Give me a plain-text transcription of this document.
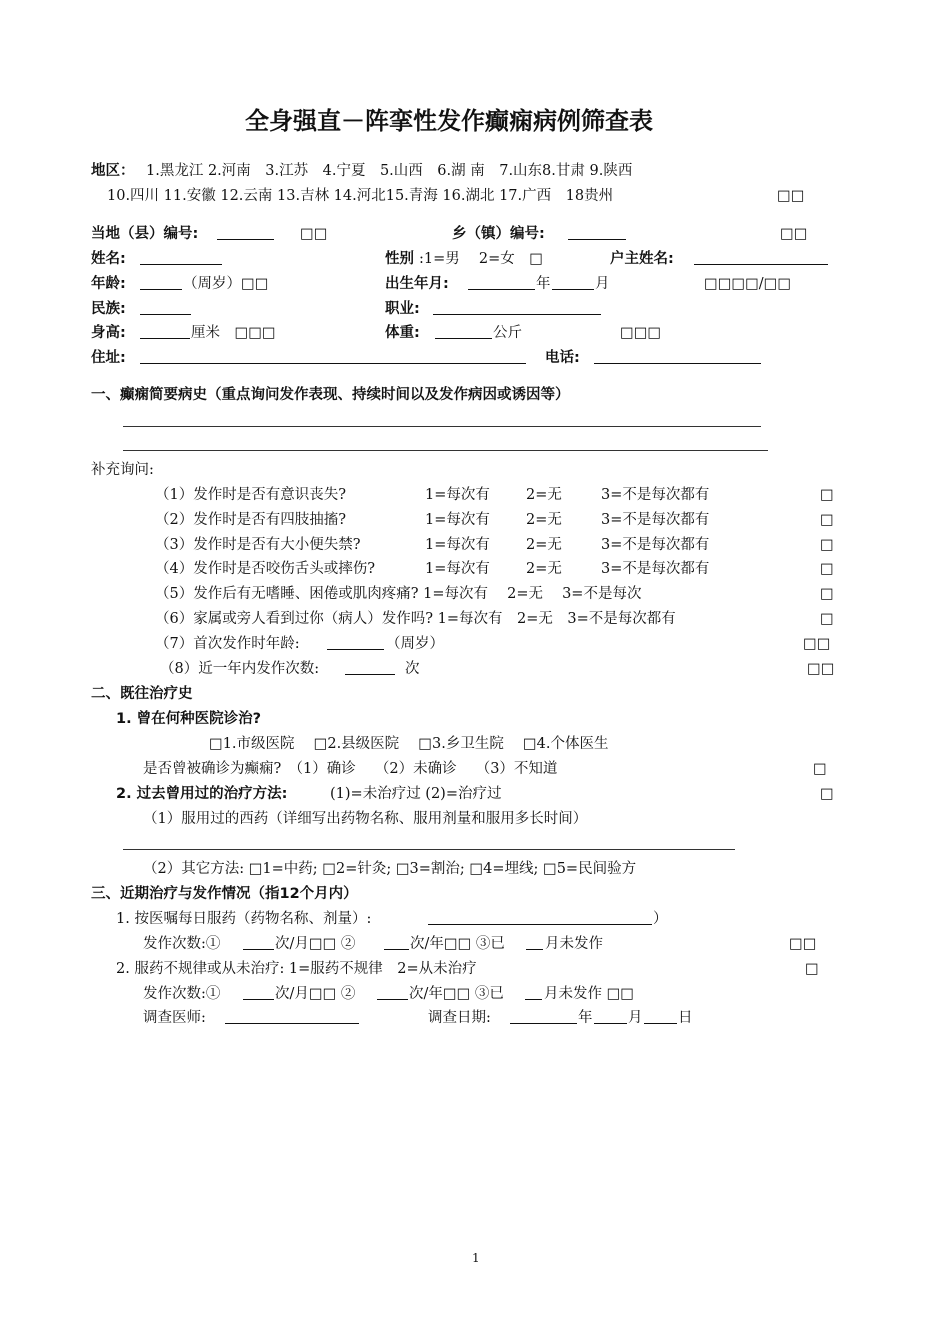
全身强直－阵挛性发作癫痫病例筛查表
地区： 1.黑龙江 2.河南　3.江苏　4.宁夏　5.山西　6.湖 南　7.山东8.甘肃 9.陕西
10.四川 11.安徽 12.云南 13.吉林 14.河北15.青海 16.湖北 17.广西　18贵州	□□
当地（县）编号:	□□	乡（镇）编号:	□□
姓名:	性别 :1=男　 2=女　□	户主姓名:
年龄:	（周岁）□□	出生年月:	年	月	□□□□/□□
民族:	职业:
身高:	厘米　□□□	体重:	公斤	□□□
住址:	电话:
一、癫痫简要病史（重点询问发作表现、持续时间以及发作病因或诱因等）
补充询问:
（1）发作时是否有意识丧失?	1=每次有 2=无	3=不是每次都有	□
（2）发作时是否有四肢抽搐?	1=每次有 2=无	3=不是每次都有	□
（3）发作时是否有大小便失禁?	1=每次有 2=无	3=不是每次都有	□
（4）发作时是否咬伤舌头或摔伤?	1=每次有 2=无	3=不是每次都有	□
（5）发作后有无嗜睡、困倦或肌肉疼痛? 1=每次有　 2=无　 3=不是每次	□
（6）家属或旁人看到过你（病人）发作吗? 1=每次有　2=无　3=不是每次都有	□
（7）首次发作时年龄:	（周岁）	□□
（8）近一年内发作次数:	次	□□
二、既往治疗史
1. 曾在何种医院诊治?
□1.市级医院　 □2.县级医院　 □3.乡卫生院　 □4.个体医生
是否曾被确诊为癫痫?　（1）确诊　 （2）未确诊　 （3）不知道	□
2. 过去曾用过的治疗方法:	(1)=未治疗过 (2)=治疗过	□
（1）服用过的西药（详细写出药物名称、服用剂量和服用多长时间）
（2）其它方法: □1=中药; □2=针灸; □3=割治; □4=埋线; □5=民间验方
三、近期治疗与发作情况（指12个月内）
1. 按医嘱每日服药（药物名称、剂量）:	）
发作次数:①	次/月□□ ②	次/年□□ ③已	月未发作	□□
2. 服药不规律或从未治疗: 1=服药不规律　2=从未治疗	□
发作次数:①	次/月□□ ②	次/年□□ ③已	月未发作 □□
调查医师:	调查日期:	年 月 日
1
